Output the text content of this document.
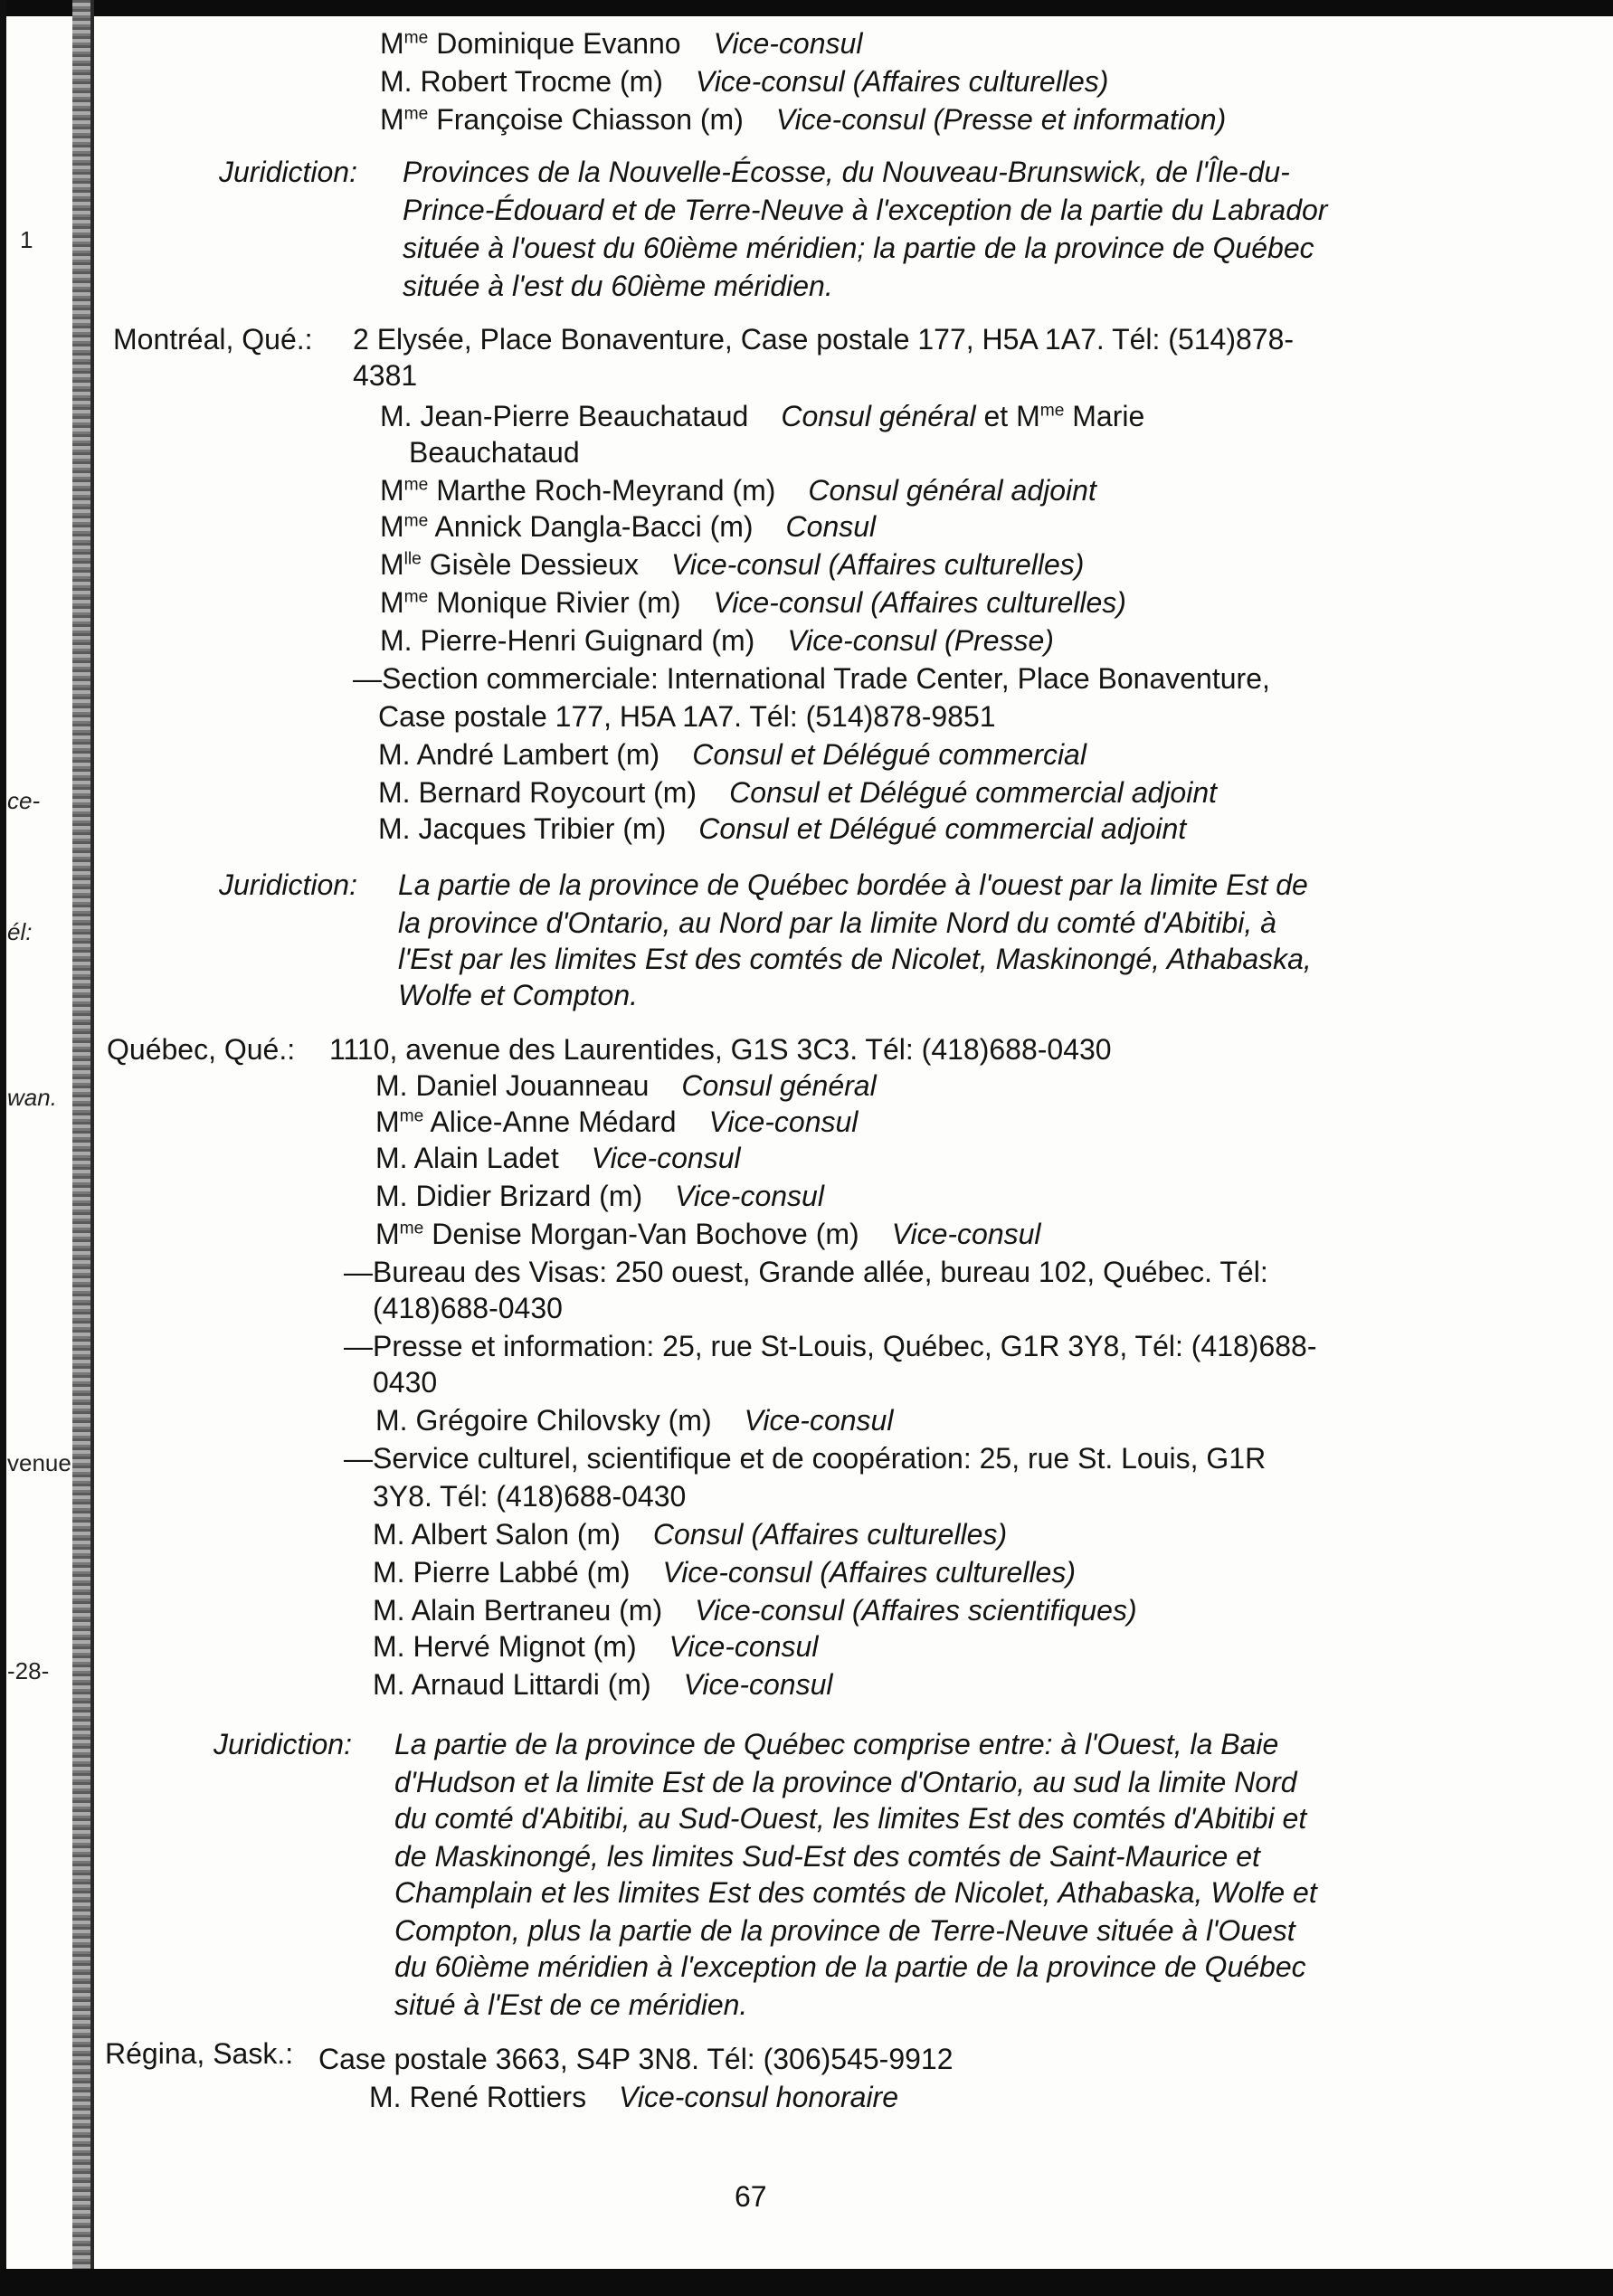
1
ce-
él:
wan.
venue
-28-
$M^{me}$ Dominique Evanno Vice-consul
M. Robert Trocme (m) Vice-consul (Affaires culturelles)
$M^{me}$ Françoise Chiasson (m) Vice-consul (Presse et information)
Juridiction: Provinces de la Nouvelle-Écosse, du Nouveau-Brunswick, de l'Île-du-
Prince-Édouard et de Terre-Neuve à l'exception de la partie du Labrador
située à l'ouest du 60ième méridien; la partie de la province de Québec
située à l'est du 60ième méridien.
Montréal, Qué.: 2 Elysée, Place Bonaventure, Case postale 177, H5A 1A7. Tél: (514)878-
4381
M. Jean-Pierre Beauchataud Consul général et $M^{me}$ Marie
Beauchataud
$M^{me}$ Marthe Roch-Meyrand (m) Consul général adjoint
$M^{me}$ Annick Dangla-Bacci (m) Consul
$M^{lle}$ Gisèle Dessieux Vice-consul (Affaires culturelles)
$M^{me}$ Monique Rivier (m) Vice-consul (Affaires culturelles)
M. Pierre-Henri Guignard (m) Vice-consul (Presse)
—Section commerciale: International Trade Center, Place Bonaventure,
Case postale 177, H5A 1A7. Tél: (514)878-9851
M. André Lambert (m) Consul et Délégué commercial
M. Bernard Roycourt (m) Consul et Délégué commercial adjoint
M. Jacques Tribier (m) Consul et Délégué commercial adjoint
Juridiction: La partie de la province de Québec bordée à l'ouest par la limite Est de
la province d'Ontario, au Nord par la limite Nord du comté d'Abitibi, à
l'Est par les limites Est des comtés de Nicolet, Maskinongé, Athabaska,
Wolfe et Compton.
Québec, Qué.: 1110, avenue des Laurentides, G1S 3C3. Tél: (418)688-0430
M. Daniel Jouanneau Consul général
$M^{me}$ Alice-Anne Médard Vice-consul
M. Alain Ladet Vice-consul
M. Didier Brizard (m) Vice-consul
$M^{me}$ Denise Morgan-Van Bochove (m) Vice-consul
—Bureau des Visas: 250 ouest, Grande allée, bureau 102, Québec. Tél:
(418)688-0430
—Presse et information: 25, rue St-Louis, Québec, G1R 3Y8, Tél: (418)688-
0430
M. Grégoire Chilovsky (m) Vice-consul
—Service culturel, scientifique et de coopération: 25, rue St. Louis, G1R
3Y8. Tél: (418)688-0430
M. Albert Salon (m) Consul (Affaires culturelles)
M. Pierre Labbé (m) Vice-consul (Affaires culturelles)
M. Alain Bertraneu (m) Vice-consul (Affaires scientifiques)
M. Hervé Mignot (m) Vice-consul
M. Arnaud Littardi (m) Vice-consul
Juridiction: La partie de la province de Québec comprise entre: à l'Ouest, la Baie
d'Hudson et la limite Est de la province d'Ontario, au sud la limite Nord
du comté d'Abitibi, au Sud-Ouest, les limites Est des comtés d'Abitibi et
de Maskinongé, les limites Sud-Est des comtés de Saint-Maurice et
Champlain et les limites Est des comtés de Nicolet, Athabaska, Wolfe et
Compton, plus la partie de la province de Terre-Neuve située à l'Ouest
du 60ième méridien à l'exception de la partie de la province de Québec
situé à l'Est de ce méridien.
Régina, Sask.: Case postale 3663, S4P 3N8. Tél: (306)545-9912
M. René Rottiers Vice-consul honoraire
67
